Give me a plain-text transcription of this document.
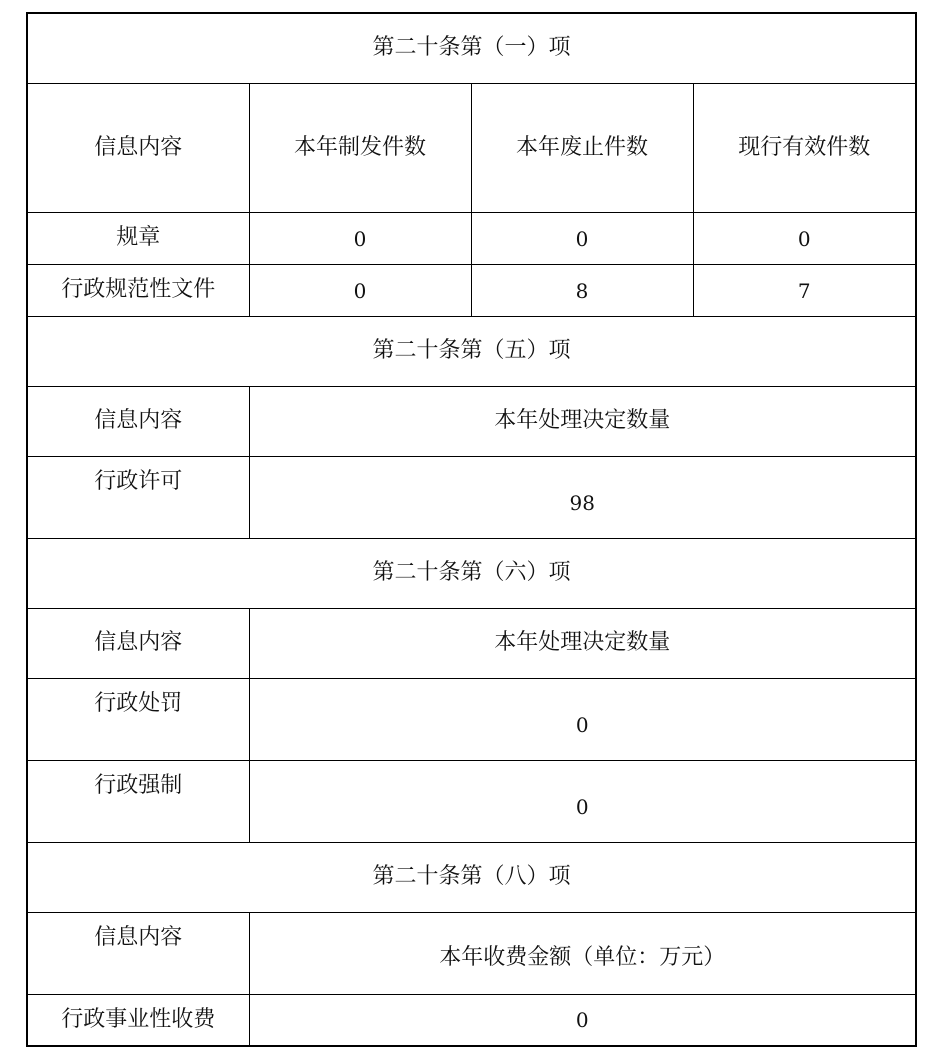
第二十条第（一）项			
信息内容	本年制发件数	本年废止件数	现行有效件数
规章	0	0	0
行政规范性文件	0	8	7
第二十条第（五）项			
信息内容	本年处理决定数量		
行政许可	98		
第二十条第（六）项			
信息内容	本年处理决定数量		
行政处罚	0		
行政强制	0		
第二十条第（八）项			
信息内容	本年收费金额（单位：万元）		
行政事业性收费	0		
